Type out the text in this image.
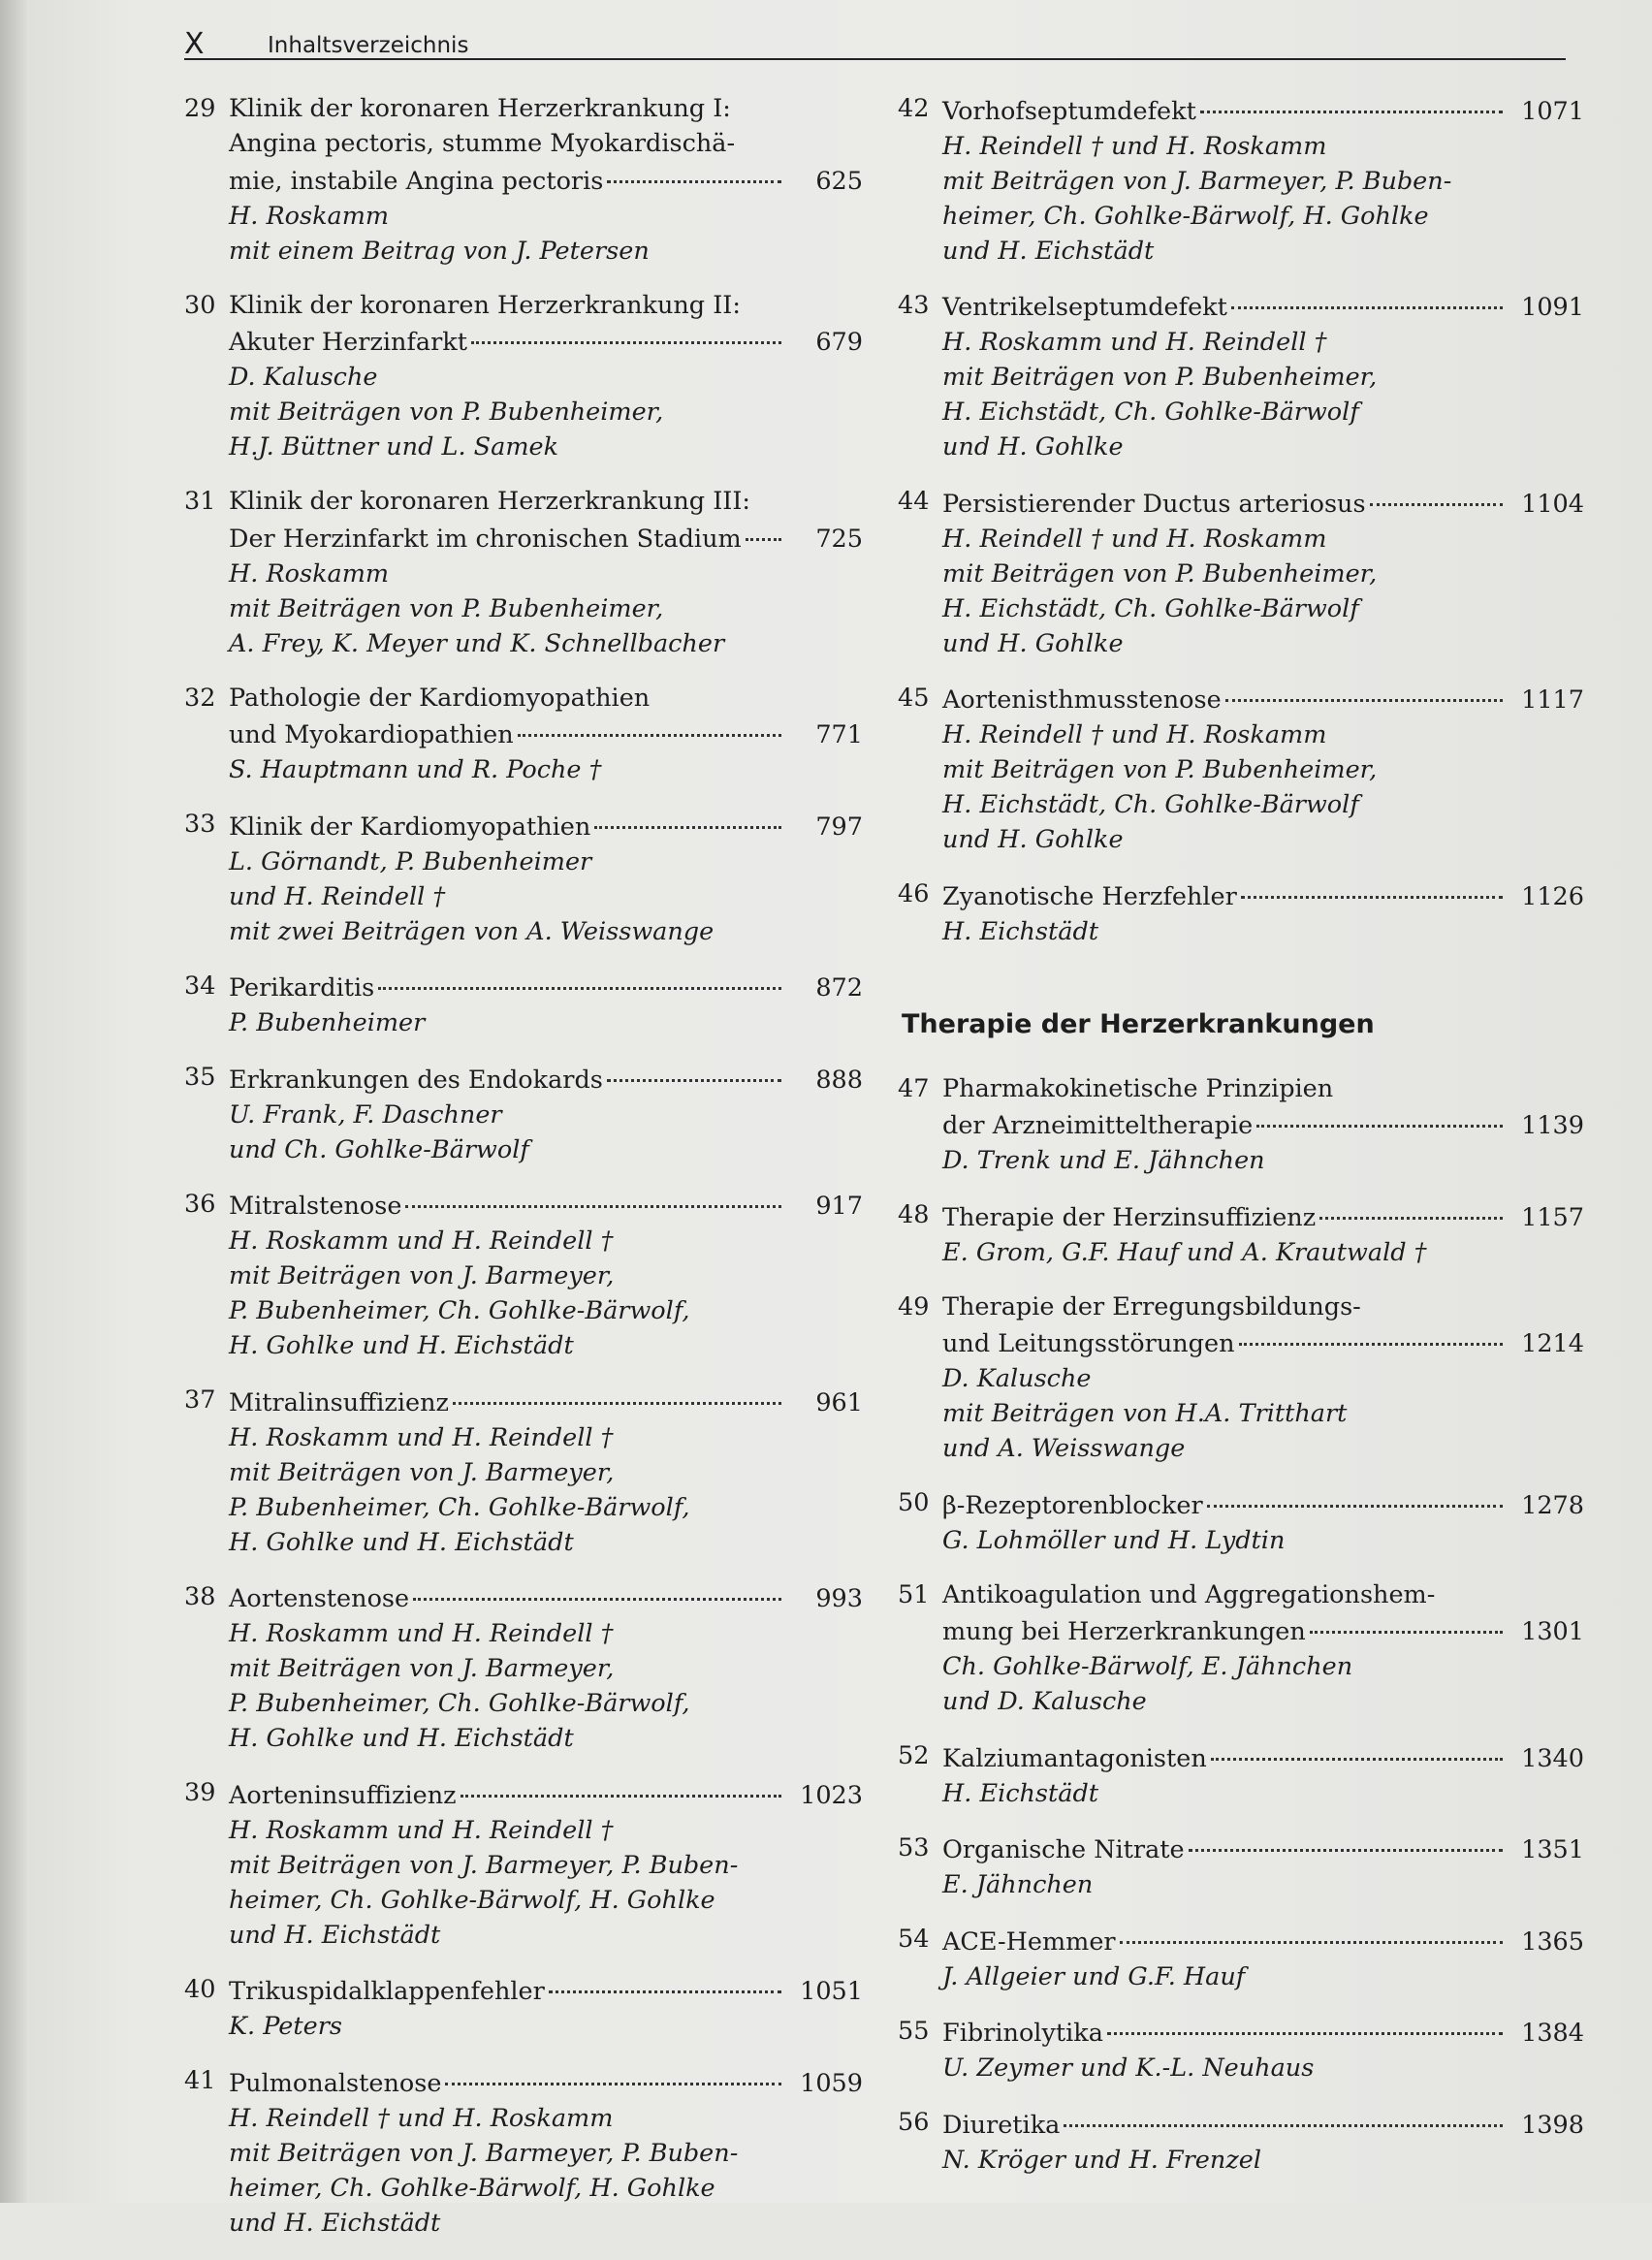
X	Inhaltsverzeichnis
29 Klinik der koronaren Herzerkrankung I:
Angina pectoris, stumme Myokardischä-
mie, instabile Angina pectoris	625
H. Roskamm
mit einem Beitrag von J. Petersen
30 Klinik der koronaren Herzerkrankung II:
Akuter Herzinfarkt	679
D. Kalusche
mit Beiträgen von P. Bubenheimer,
H.J. Büttner und L. Samek
31 Klinik der koronaren Herzerkrankung III:
Der Herzinfarkt im chronischen Stadium	725
H. Roskamm
mit Beiträgen von P. Bubenheimer,
A. Frey, K. Meyer und K. Schnellbacher
32 Pathologie der Kardiomyopathien
und Myokardiopathien	771
S. Hauptmann und R. Poche †
33 Klinik der Kardiomyopathien	797
L. Görnandt, P. Bubenheimer
und H. Reindell †
mit zwei Beiträgen von A. Weisswange
34 Perikarditis	872
P. Bubenheimer
35 Erkrankungen des Endokards	888
U. Frank, F. Daschner
und Ch. Gohlke-Bärwolf
36 Mitralstenose	917
H. Roskamm und H. Reindell †
mit Beiträgen von J. Barmeyer,
P. Bubenheimer, Ch. Gohlke-Bärwolf,
H. Gohlke und H. Eichstädt
37 Mitralinsuffizienz	961
H. Roskamm und H. Reindell †
mit Beiträgen von J. Barmeyer,
P. Bubenheimer, Ch. Gohlke-Bärwolf,
H. Gohlke und H. Eichstädt
38 Aortenstenose	993
H. Roskamm und H. Reindell †
mit Beiträgen von J. Barmeyer,
P. Bubenheimer, Ch. Gohlke-Bärwolf,
H. Gohlke und H. Eichstädt
39 Aorteninsuffizienz	1023
H. Roskamm und H. Reindell †
mit Beiträgen von J. Barmeyer, P. Buben-
heimer, Ch. Gohlke-Bärwolf, H. Gohlke
und H. Eichstädt
40 Trikuspidalklappenfehler	1051
K. Peters
41 Pulmonalstenose	1059
H. Reindell † und H. Roskamm
mit Beiträgen von J. Barmeyer, P. Buben-
heimer, Ch. Gohlke-Bärwolf, H. Gohlke
und H. Eichstädt
42 Vorhofseptumdefekt	1071
H. Reindell † und H. Roskamm
mit Beiträgen von J. Barmeyer, P. Buben-
heimer, Ch. Gohlke-Bärwolf, H. Gohlke
und H. Eichstädt
43 Ventrikelseptumdefekt	1091
H. Roskamm und H. Reindell †
mit Beiträgen von P. Bubenheimer,
H. Eichstädt, Ch. Gohlke-Bärwolf
und H. Gohlke
44 Persistierender Ductus arteriosus	1104
H. Reindell † und H. Roskamm
mit Beiträgen von P. Bubenheimer,
H. Eichstädt, Ch. Gohlke-Bärwolf
und H. Gohlke
45 Aortenisthmusstenose	1117
H. Reindell † und H. Roskamm
mit Beiträgen von P. Bubenheimer,
H. Eichstädt, Ch. Gohlke-Bärwolf
und H. Gohlke
46 Zyanotische Herzfehler	1126
H. Eichstädt
Therapie der Herzerkrankungen
47 Pharmakokinetische Prinzipien
der Arzneimitteltherapie	1139
D. Trenk und E. Jähnchen
48 Therapie der Herzinsuffizienz	1157
E. Grom, G.F. Hauf und A. Krautwald †
49 Therapie der Erregungsbildungs-
und Leitungsstörungen	1214
D. Kalusche
mit Beiträgen von H.A. Tritthart
und A. Weisswange
50 β-Rezeptorenblocker	1278
G. Lohmöller und H. Lydtin
51 Antikoagulation und Aggregationshem-
mung bei Herzerkrankungen	1301
Ch. Gohlke-Bärwolf, E. Jähnchen
und D. Kalusche
52 Kalziumantagonisten	1340
H. Eichstädt
53 Organische Nitrate	1351
E. Jähnchen
54 ACE-Hemmer	1365
J. Allgeier und G.F. Hauf
55 Fibrinolytika	1384
U. Zeymer und K.-L. Neuhaus
56 Diuretika	1398
N. Kröger und H. Frenzel
